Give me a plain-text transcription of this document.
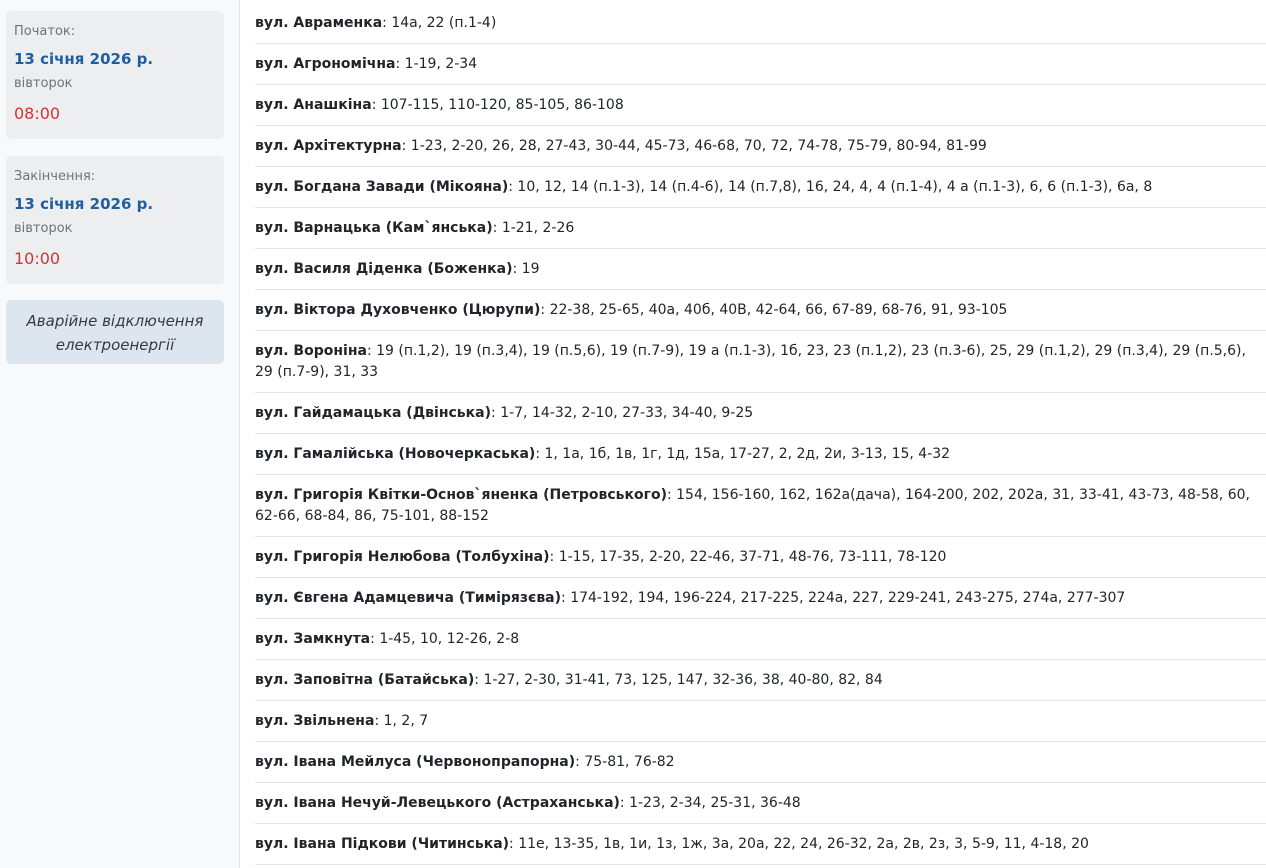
Початок:
13 січня 2026 р.
вівторок
08:00
Закінчення:
13 січня 2026 р.
вівторок
10:00
Аварійне відключення електроенергії
вул. Авраменка: 14а, 22 (п.1-4)
вул. Агрономічна: 1-19, 2-34
вул. Анашкіна: 107-115, 110-120, 85-105, 86-108
вул. Архітектурна: 1-23, 2-20, 26, 28, 27-43, 30-44, 45-73, 46-68, 70, 72, 74-78, 75-79, 80-94, 81-99
вул. Богдана Завади (Мікояна): 10, 12, 14 (п.1-3), 14 (п.4-6), 14 (п.7,8), 16, 24, 4, 4 (п.1-4), 4 а (п.1-3), 6, 6 (п.1-3), 6а, 8
вул. Варнацька (Кам`янська): 1-21, 2-26
вул. Василя Діденка (Боженка): 19
вул. Віктора Духовченко (Цюрупи): 22-38, 25-65, 40а, 40б, 40В, 42-64, 66, 67-89, 68-76, 91, 93-105
вул. Воронiна: 19 (п.1,2), 19 (п.3,4), 19 (п.5,6), 19 (п.7-9), 19 а (п.1-3), 1б, 23, 23 (п.1,2), 23 (п.3-6), 25, 29 (п.1,2), 29 (п.3,4), 29 (п.5,6), 29 (п.7-9), 31, 33
вул. Гайдамацька (Двінська): 1-7, 14-32, 2-10, 27-33, 34-40, 9-25
вул. Гамалійська (Новочеркаська): 1, 1а, 1б, 1в, 1г, 1д, 15а, 17-27, 2, 2д, 2и, 3-13, 15, 4-32
вул. Григорія Квітки-Основ`яненка (Петровського): 154, 156-160, 162, 162а(дача), 164-200, 202, 202а, 31, 33-41, 43-73, 48-58, 60, 62-66, 68-84, 86, 75-101, 88-152
вул. Григорія Нелюбова (Толбухіна): 1-15, 17-35, 2-20, 22-46, 37-71, 48-76, 73-111, 78-120
вул. Євгена Адамцевича (Тимірязєва): 174-192, 194, 196-224, 217-225, 224а, 227, 229-241, 243-275, 274а, 277-307
вул. Замкнута: 1-45, 10, 12-26, 2-8
вул. Заповітна (Батайська): 1-27, 2-30, 31-41, 73, 125, 147, 32-36, 38, 40-80, 82, 84
вул. Звільнена: 1, 2, 7
вул. Івана Мейлуса (Червонопрапорна): 75-81, 76-82
вул. Івана Нечуй-Левецького (Астраханська): 1-23, 2-34, 25-31, 36-48
вул. Івана Підкови (Читинська): 11е, 13-35, 1в, 1и, 1з, 1ж, 3а, 20а, 22, 24, 26-32, 2а, 2в, 2з, 3, 5-9, 11, 4-18, 20
